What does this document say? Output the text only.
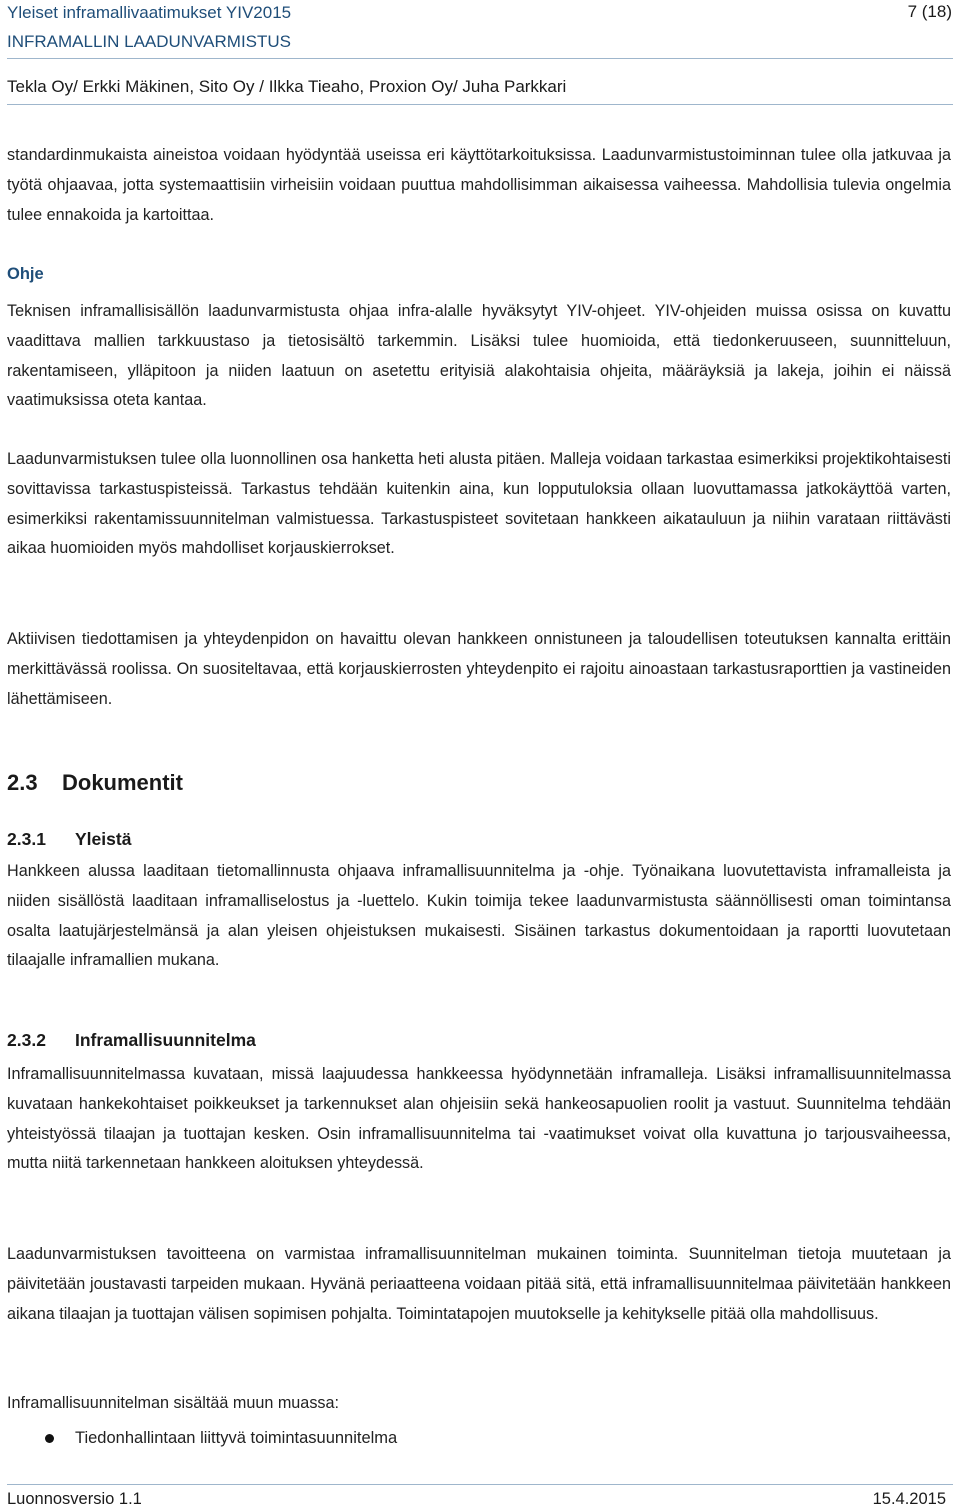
Yleiset inframallivaatimukset YIV2015	7 (18)
INFRAMALLIN LAADUNVARMISTUS
Tekla Oy/ Erkki Mäkinen, Sito Oy / Ilkka Tieaho, Proxion Oy/ Juha Parkkari

standardinmukaista aineistoa voidaan hyödyntää useissa eri käyttötarkoituksissa. Laadunvarmistustoiminnan tulee olla jatkuvaa ja työtä ohjaavaa, jotta systemaattisiin virheisiin voidaan puuttua mahdollisimman aikaisessa vaiheessa. Mahdollisia tulevia ongelmia tulee ennakoida ja kartoittaa.

Ohje

Teknisen inframallisisällön laadunvarmistusta ohjaa infra-alalle hyväksytyt YIV-ohjeet. YIV-ohjeiden muissa osissa on kuvattu vaadittava mallien tarkkuustaso ja tietosisältö tarkemmin. Lisäksi tulee huomioida, että tiedonkeruuseen, suunnitteluun, rakentamiseen, ylläpitoon ja niiden laatuun on asetettu erityisiä alakohtaisia ohjeita, määräyksiä ja lakeja, joihin ei näissä vaatimuksissa oteta kantaa.

Laadunvarmistuksen tulee olla luonnollinen osa hanketta heti alusta pitäen. Malleja voidaan tarkastaa esimerkiksi projektikohtaisesti sovittavissa tarkastuspisteissä. Tarkastus tehdään kuitenkin aina, kun lopputuloksia ollaan luovuttamassa jatkokäyttöä varten, esimerkiksi rakentamissuunnitelman valmistuessa. Tarkastuspisteet sovitetaan hankkeen aikatauluun ja niihin varataan riittävästi aikaa huomioiden myös mahdolliset korjauskierrokset.

Aktiivisen tiedottamisen ja yhteydenpidon on havaittu olevan hankkeen onnistuneen ja taloudellisen toteutuksen kannalta erittäin merkittävässä roolissa. On suositeltavaa, että korjauskierrosten yhteydenpito ei rajoitu ainoastaan tarkastusraporttien ja vastineiden lähettämiseen.

2.3 Dokumentit
2.3.1 Yleistä

Hankkeen alussa laaditaan tietomallinnusta ohjaava inframallisuunnitelma ja -ohje. Työnaikana luovutettavista inframalleista ja niiden sisällöstä laaditaan inframalliselostus ja -luettelo. Kukin toimija tekee laadunvarmistusta säännöllisesti oman toimintansa osalta laatujärjestelmänsä ja alan yleisen ohjeistuksen mukaisesti. Sisäinen tarkastus dokumentoidaan ja raportti luovutetaan tilaajalle inframallien mukana.

2.3.2 Inframallisuunnitelma

Inframallisuunnitelmassa kuvataan, missä laajuudessa hankkeessa hyödynnetään inframalleja. Lisäksi inframallisuunnitelmassa kuvataan hankekohtaiset poikkeukset ja tarkennukset alan ohjeisiin sekä hankeosapuolien roolit ja vastuut. Suunnitelma tehdään yhteistyössä tilaajan ja tuottajan kesken. Osin inframallisuunnitelma tai -vaatimukset voivat olla kuvattuna jo tarjousvaiheessa, mutta niitä tarkennetaan hankkeen aloituksen yhteydessä.

Laadunvarmistuksen tavoitteena on varmistaa inframallisuunnitelman mukainen toiminta. Suunnitelman tietoja muutetaan ja päivitetään joustavasti tarpeiden mukaan. Hyvänä periaatteena voidaan pitää sitä, että inframallisuunnitelmaa päivitetään hankkeen aikana tilaajan ja tuottajan välisen sopimisen pohjalta. Toimintatapojen muutokselle ja kehitykselle pitää olla mahdollisuus.

Inframallisuunnitelman sisältää muun muassa:

Tiedonhallintaan liittyvä toimintasuunnitelma
Luonnosversio 1.1	15.4.2015
